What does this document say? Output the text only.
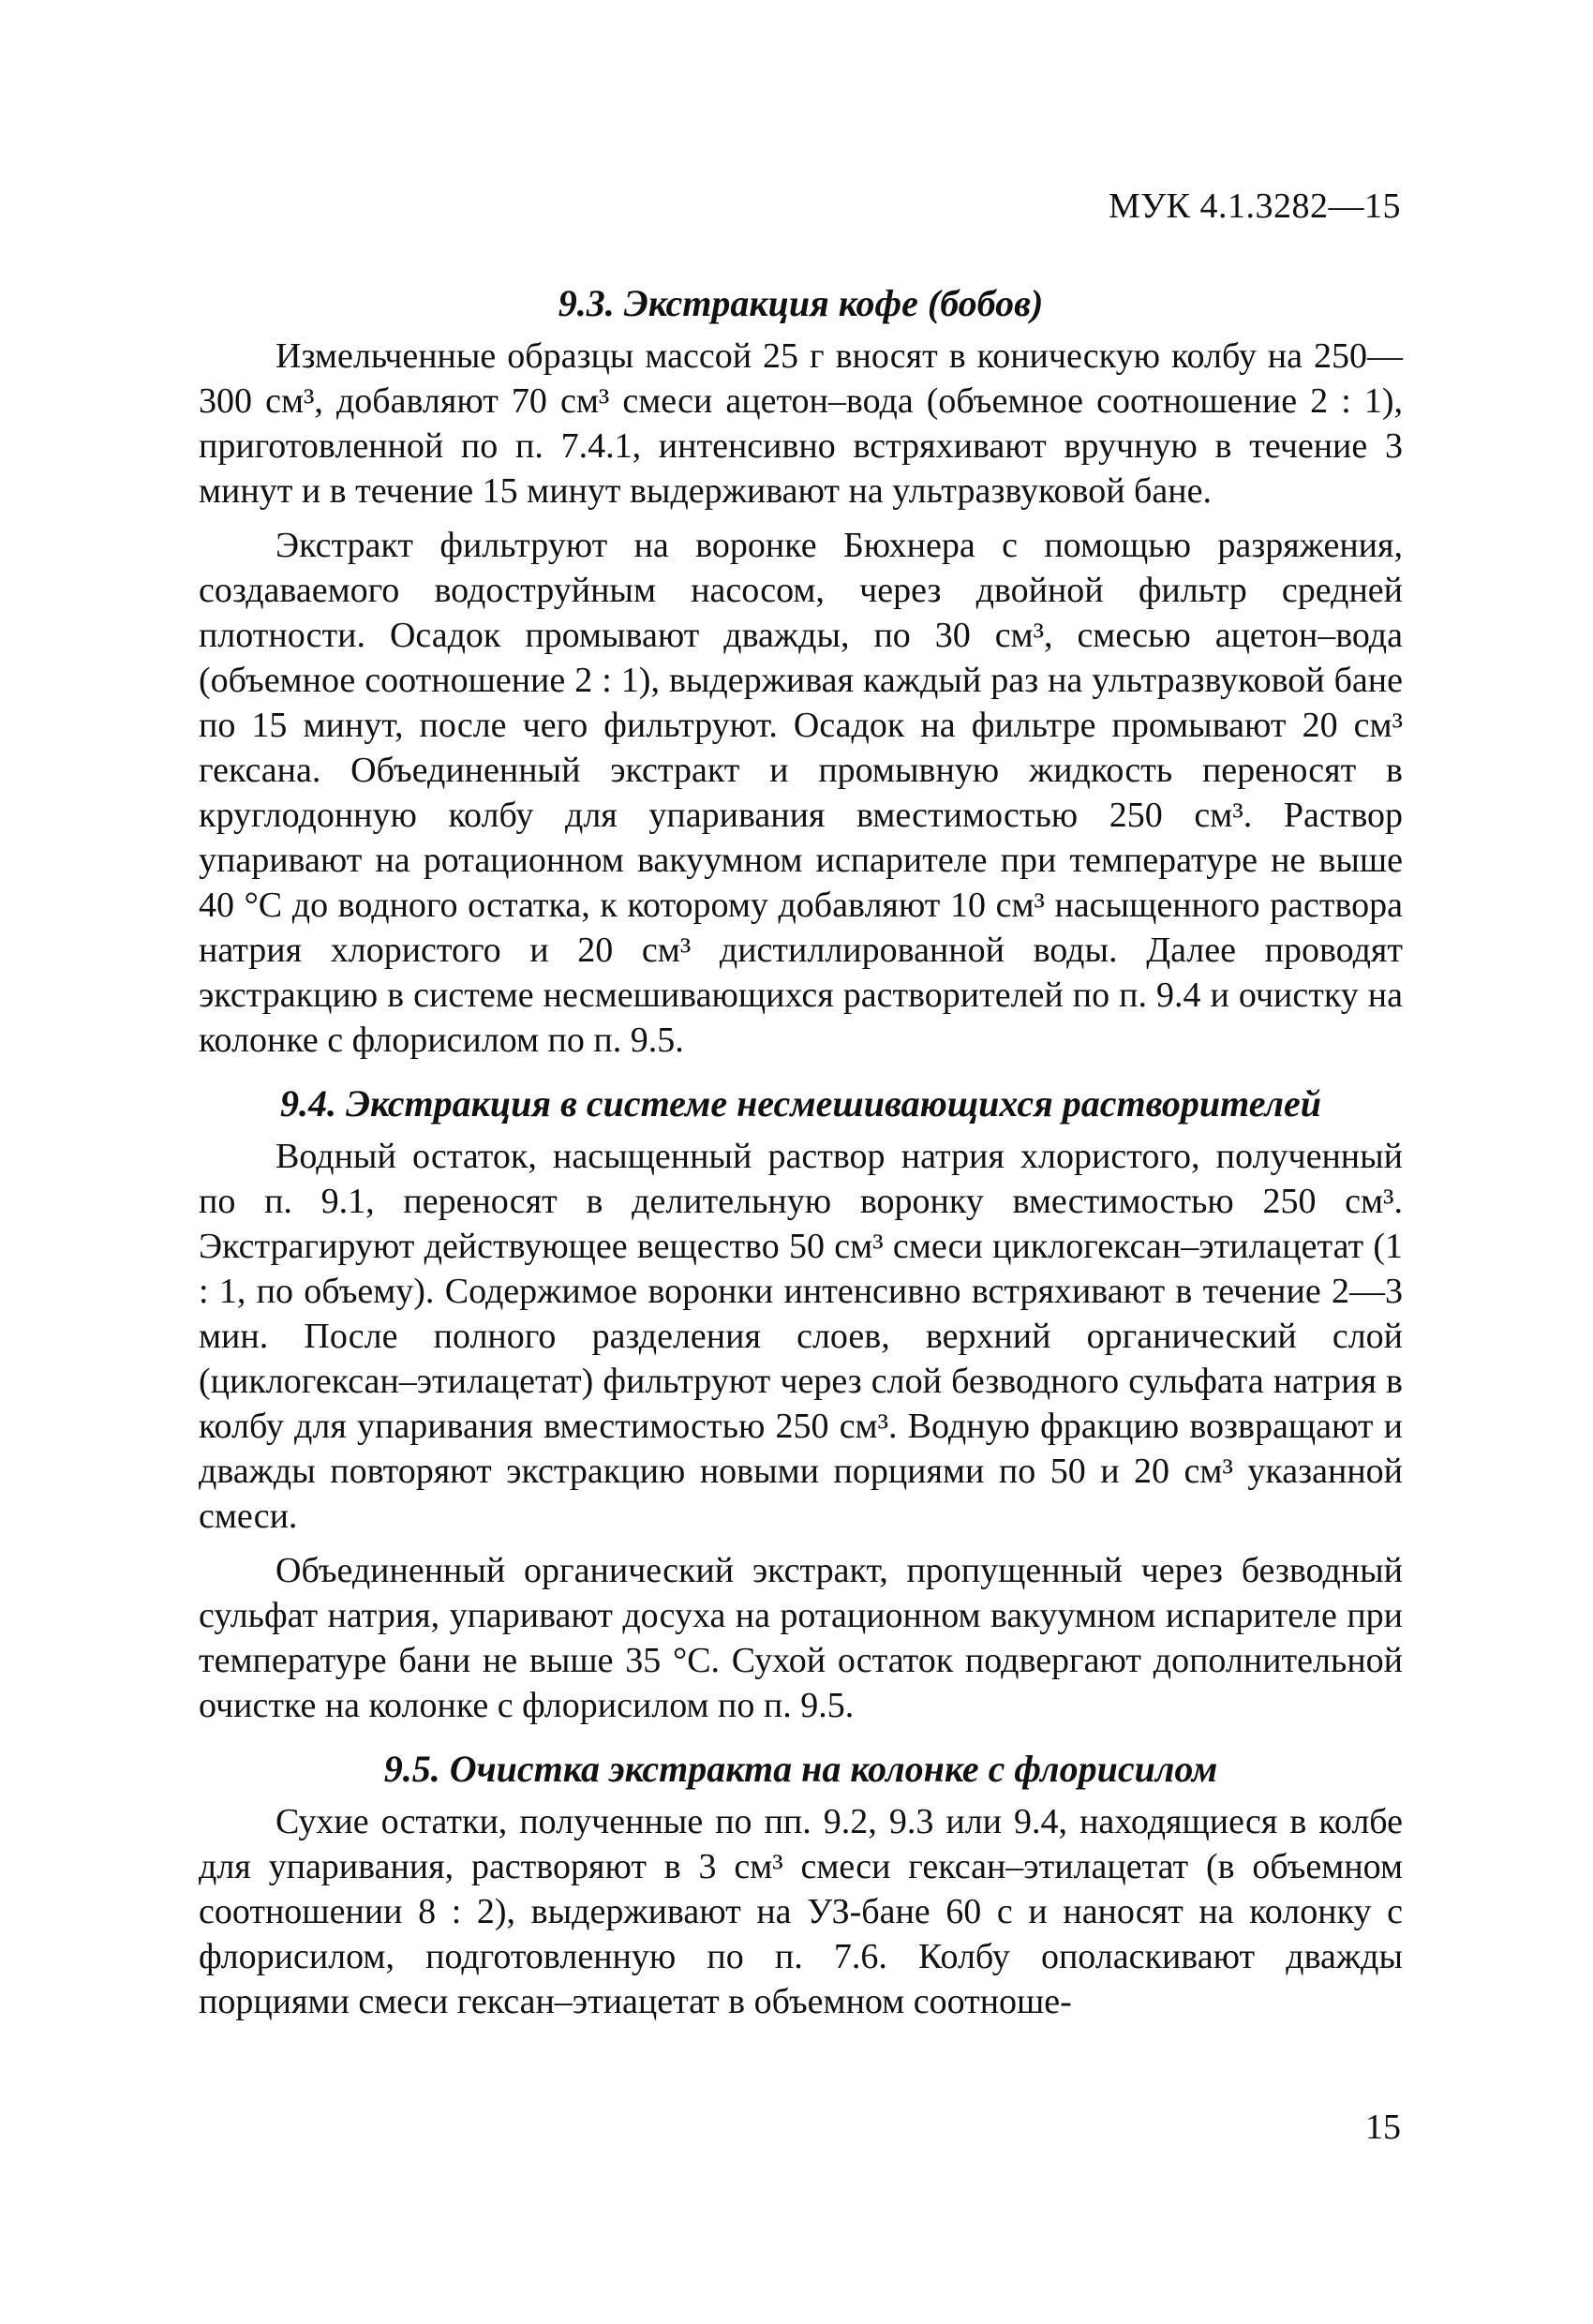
МУК 4.1.3282—15
9.3. Экстракция кофе (бобов)

Измельченные образцы массой 25 г вносят в коническую колбу на 250—300 см³, добавляют 70 см³ смеси ацетон–вода (объемное соотношение 2 : 1), приготовленной по п. 7.4.1, интенсивно встряхивают вручную в течение 3 минут и в течение 15 минут выдерживают на ультразвуковой бане.

Экстракт фильтруют на воронке Бюхнера с помощью разряжения, создаваемого водоструйным насосом, через двойной фильтр средней плотности. Осадок промывают дважды, по 30 см³, смесью ацетон–вода (объемное соотношение 2 : 1), выдерживая каждый раз на ультразвуковой бане по 15 минут, после чего фильтруют. Осадок на фильтре промывают 20 см³ гексана. Объединенный экстракт и промывную жидкость переносят в круглодонную колбу для упаривания вместимостью 250 см³. Раствор упаривают на ротационном вакуумном испарителе при температуре не выше 40 °С до водного остатка, к которому добавляют 10 см³ насыщенного раствора натрия хлористого и 20 см³ дистиллированной воды. Далее проводят экстракцию в системе несмешивающихся растворителей по п. 9.4 и очистку на колонке с флорисилом по п. 9.5.

9.4. Экстракция в системе несмешивающихся растворителей

Водный остаток, насыщенный раствор натрия хлористого, полученный по п. 9.1, переносят в делительную воронку вместимостью 250 см³. Экстрагируют действующее вещество 50 см³ смеси циклогексан–этилацетат (1 : 1, по объему). Содержимое воронки интенсивно встряхивают в течение 2—3 мин. После полного разделения слоев, верхний органический слой (циклогексан–этилацетат) фильтруют через слой безводного сульфата натрия в колбу для упаривания вместимостью 250 см³. Водную фракцию возвращают и дважды повторяют экстракцию новыми порциями по 50 и 20 см³ указанной смеси.

Объединенный органический экстракт, пропущенный через безводный сульфат натрия, упаривают досуха на ротационном вакуумном испарителе при температуре бани не выше 35 °С. Сухой остаток подвергают дополнительной очистке на колонке с флорисилом по п. 9.5.

9.5. Очистка экстракта на колонке с флорисилом

Сухие остатки, полученные по пп. 9.2, 9.3 или 9.4, находящиеся в колбе для упаривания, растворяют в 3 см³ смеси гексан–этилацетат (в объемном соотношении 8 : 2), выдерживают на УЗ-бане 60 с и наносят на колонку с флорисилом, подготовленную по п. 7.6. Колбу ополаскивают дважды порциями смеси гексан–этиацетат в объемном соотноше-

15
